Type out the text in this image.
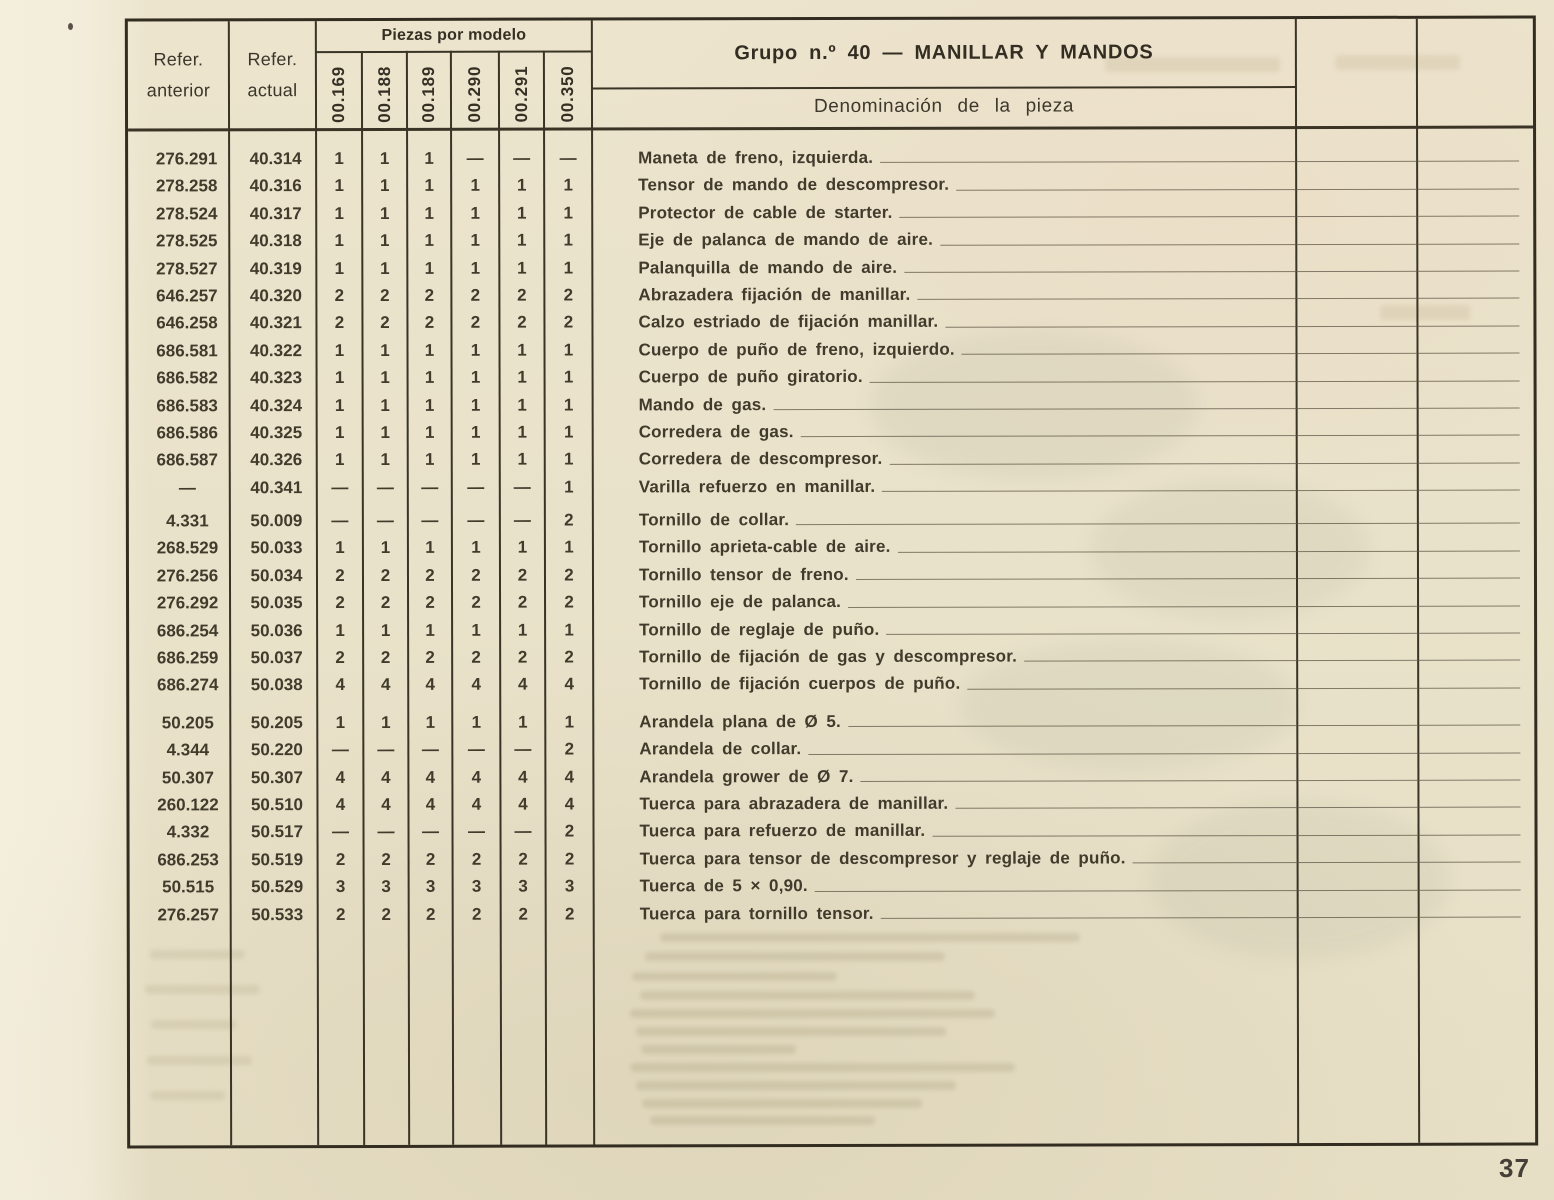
Refer.
anterior
Refer.
actual
Piezas por modelo
00.169 00.188 00.189 00.290 00.291 00.350
Grupo n.º 40 — MANILLAR Y MANDOS
Denominación de la pieza
276.291	40.314	1	1	1	—	—	—	Maneta de freno, izquierda.
278.258	40.316	1	1	1	1	1	1	Tensor de mando de descompresor.
278.524	40.317	1	1	1	1	1	1	Protector de cable de starter.
278.525	40.318	1	1	1	1	1	1	Eje de palanca de mando de aire.
278.527	40.319	1	1	1	1	1	1	Palanquilla de mando de aire.
646.257	40.320	2	2	2	2	2	2	Abrazadera fijación de manillar.
646.258	40.321	2	2	2	2	2	2	Calzo estriado de fijación manillar.
686.581	40.322	1	1	1	1	1	1	Cuerpo de puño de freno, izquierdo.
686.582	40.323	1	1	1	1	1	1	Cuerpo de puño giratorio.
686.583	40.324	1	1	1	1	1	1	Mando de gas.
686.586	40.325	1	1	1	1	1	1	Corredera de gas.
686.587	40.326	1	1	1	1	1	1	Corredera de descompresor.
—	40.341	—	—	—	—	—	1	Varilla refuerzo en manillar.
4.331	50.009	—	—	—	—	—	2	Tornillo de collar.
268.529	50.033	1	1	1	1	1	1	Tornillo aprieta-cable de aire.
276.256	50.034	2	2	2	2	2	2	Tornillo tensor de freno.
276.292	50.035	2	2	2	2	2	2	Tornillo eje de palanca.
686.254	50.036	1	1	1	1	1	1	Tornillo de reglaje de puño.
686.259	50.037	2	2	2	2	2	2	Tornillo de fijación de gas y descompresor.
686.274	50.038	4	4	4	4	4	4	Tornillo de fijación cuerpos de puño.
50.205	50.205	1	1	1	1	1	1	Arandela plana de Ø 5.
4.344	50.220	—	—	—	—	—	2	Arandela de collar.
50.307	50.307	4	4	4	4	4	4	Arandela grower de Ø 7.
260.122	50.510	4	4	4	4	4	4	Tuerca para abrazadera de manillar.
4.332	50.517	—	—	—	—	—	2	Tuerca para refuerzo de manillar.
686.253	50.519	2	2	2	2	2	2	Tuerca para tensor de descompresor y reglaje de puño.
50.515	50.529	3	3	3	3	3	3	Tuerca de 5 × 0,90.
276.257	50.533	2	2	2	2	2	2	Tuerca para tornillo tensor.
37
